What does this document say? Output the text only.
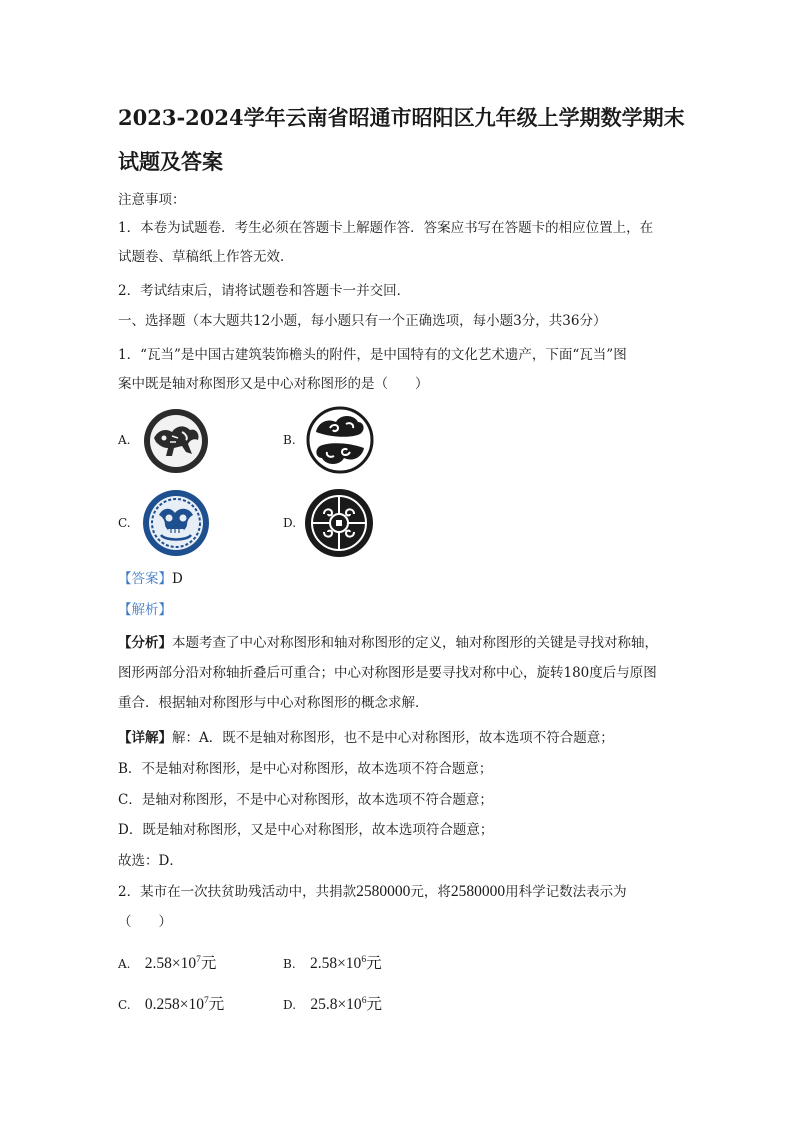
2023-2024学年云南省昭通市昭阳区九年级上学期数学期末
试题及答案
注意事项：
1．本卷为试题卷．考生必须在答题卡上解题作答．答案应书写在答题卡的相应位置上，在
试题卷、草稿纸上作答无效．
2．考试结束后，请将试题卷和答题卡一并交回．
一、选择题（本大题共12小题，每小题只有一个正确选项，每小题3分，共36分）
1．“瓦当”是中国古建筑装饰檐头的附件，是中国特有的文化艺术遗产，下面“瓦当”图
案中既是轴对称图形又是中心对称图形的是（　　）
A.	B.
C.	D.
【答案】D
【解析】
【分析】本题考查了中心对称图形和轴对称图形的定义，轴对称图形的关键是寻找对称轴，
图形两部分沿对称轴折叠后可重合；中心对称图形是要寻找对称中心，旋转180度后与原图
重合．根据轴对称图形与中心对称图形的概念求解．
【详解】解：A．既不是轴对称图形，也不是中心对称图形，故本选项不符合题意；
B．不是轴对称图形，是中心对称图形，故本选项不符合题意；
C．是轴对称图形，不是中心对称图形，故本选项不符合题意；
D．既是轴对称图形，又是中心对称图形，故本选项符合题意；
故选：D．
2．某市在一次扶贫助残活动中，共捐款2580000元，将2580000用科学记数法表示为
（　　）
A. $2.58\times 10^7$元	B. $2.58\times 10^6$元
C. $0.258\times 10^7$元	D. $25.8\times 10^6$元
